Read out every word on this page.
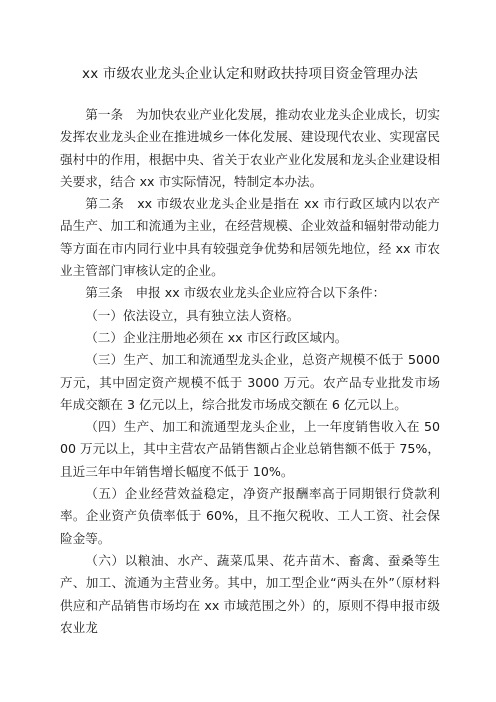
xx 市级农业龙头企业认定和财政扶持项目资金管理办法

第一条　为加快农业产业化发展，推动农业龙头企业成长，切实发挥农业龙头企业在推进城乡一体化发展、建设现代农业、实现富民强村中的作用，根据中央、省关于农业产业化发展和龙头企业建设相关要求，结合 xx 市实际情况，特制定本办法。

第二条　xx 市级农业龙头企业是指在 xx 市行政区域内以农产品生产、加工和流通为主业，在经营规模、企业效益和辐射带动能力等方面在市内同行业中具有较强竞争优势和居领先地位，经 xx 市农业主管部门审核认定的企业。

第三条　申报 xx 市级农业龙头企业应符合以下条件：

（一）依法设立，具有独立法人资格。

（二）企业注册地必须在 xx 市区行政区域内。

（三）生产、加工和流通型龙头企业，总资产规模不低于 5000 万元，其中固定资产规模不低于 3000 万元。农产品专业批发市场年成交额在 3 亿元以上，综合批发市场成交额在 6 亿元以上。

（四）生产、加工和流通型龙头企业，上一年度销售收入在 5000 万元以上，其中主营农产品销售额占企业总销售额不低于 75%，且近三年中年销售增长幅度不低于 10%。

（五）企业经营效益稳定，净资产报酬率高于同期银行贷款利率。企业资产负债率低于 60%，且不拖欠税收、工人工资、社会保险金等。

（六）以粮油、水产、蔬菜瓜果、花卉苗木、畜禽、蚕桑等生产、加工、流通为主营业务。其中，加工型企业“两头在外”（原材料供应和产品销售市场均在 xx 市域范围之外）的，原则不得申报市级农业龙
